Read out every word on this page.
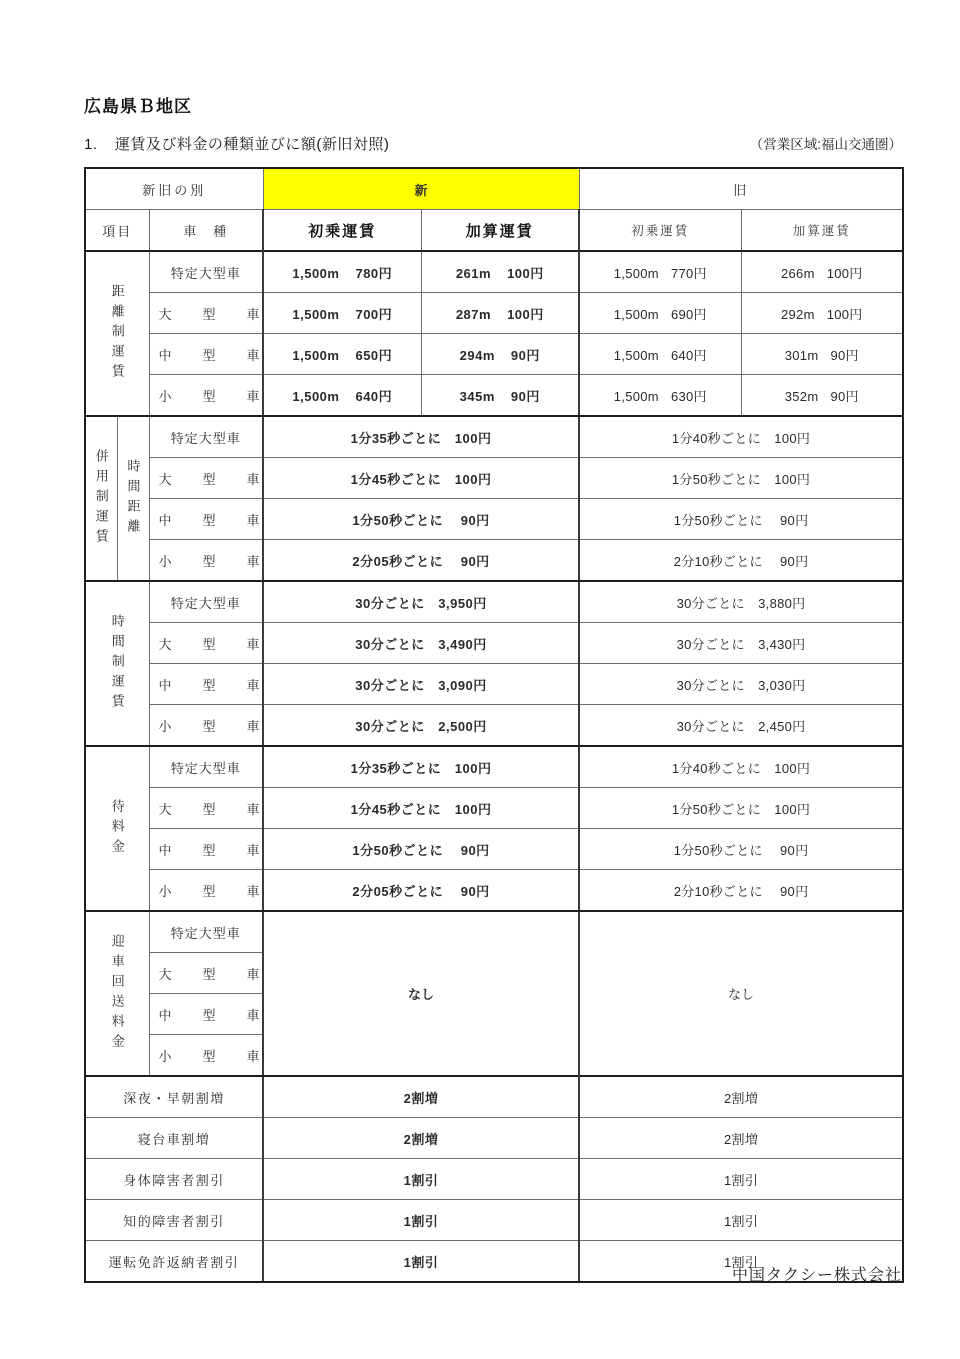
広島県Ｂ地区
1. 運賃及び料金の種類並びに額(新旧対照)	（営業区域:福山交通圏）
新旧の別			新		旧	
項目		車　種	初乗運賃	加算運賃	初乗運賃	加算運賃
距離制運賃		特定大型車	1,500m 780円	261m 100円	1,500m 770円	266m 100円
		大　型　車	1,500m 700円	287m 100円	1,500m 690円	292m 100円
		中　型　車	1,500m 650円	294m 90円	1,500m 640円	301m 90円
		小　型　車	1,500m 640円	345m 90円	1,500m 630円	352m 90円
併用制運賃	時間距離	特定大型車	1分35秒ごとに　100円		1分40秒ごとに　100円	
		大　型　車	1分45秒ごとに　100円		1分50秒ごとに　100円	
		中　型　車	1分50秒ごとに　 90円		1分50秒ごとに　 90円	
		小　型　車	2分05秒ごとに　 90円		2分10秒ごとに　 90円	
時間制運賃		特定大型車	30分ごとに　3,950円		30分ごとに　3,880円	
		大　型　車	30分ごとに　3,490円		30分ごとに　3,430円	
		中　型　車	30分ごとに　3,090円		30分ごとに　3,030円	
		小　型　車	30分ごとに　2,500円		30分ごとに　2,450円	
待料金		特定大型車	1分35秒ごとに　100円		1分40秒ごとに　100円	
		大　型　車	1分45秒ごとに　100円		1分50秒ごとに　100円	
		中　型　車	1分50秒ごとに　 90円		1分50秒ごとに　 90円	
		小　型　車	2分05秒ごとに　 90円		2分10秒ごとに　 90円	
迎車回送料金		特定大型車	なし		なし	
		大　型　車				
		中　型　車				
		小　型　車				
深夜・早朝割増			2割増		2割増	
寝台車割増			2割増		2割増	
身体障害者割引			1割引		1割引	
知的障害者割引			1割引		1割引	
運転免許返納者割引			1割引		1割引	
中国タクシー株式会社
